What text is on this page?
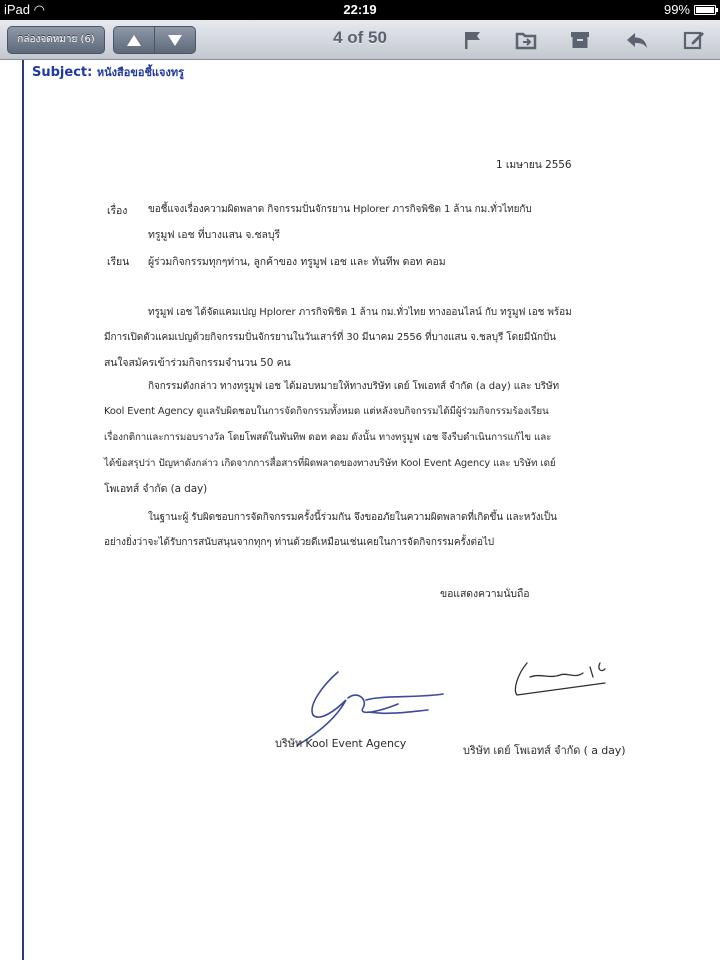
iPad ◠	22:19	99%
กล่องจดหมาย (6)	4 of 50
Subject: หนังสือขอชี้แจงทรู
1 เมษายน 2556
เรื่อง ขอชี้แจงเรื่องความผิดพลาด กิจกรรมปั่นจักรยาน Hplorer ภารกิจพิชิต 1 ล้าน กม.ทั่วไทยกับ
ทรูมูฟ เอช ที่บางแสน จ.ชลบุรี
เรียน ผู้ร่วมกิจกรรมทุกๆท่าน, ลูกค้าของ ทรูมูฟ เอช และ ทันทีพ ดอท คอม
ทรูมูฟ เอช ได้จัดแคมเปญ Hplorer ภารกิจพิชิต 1 ล้าน กม.ทั่วไทย ทางออนไลน์ กับ ทรูมูฟ เอช พร้อม
มีการเปิดตัวแคมเปญด้วยกิจกรรมปั่นจักรยานในวันเสาร์ที่ 30 มีนาคม 2556 ที่บางแสน จ.ชลบุรี โดยมีนักปั่น
สนใจสมัครเข้าร่วมกิจกรรมจำนวน 50 คน
กิจกรรมดังกล่าว ทางทรูมูฟ เอช ได้มอบหมายให้ทางบริษัท เดย์ โพเอทส์ จำกัด (a day) และ บริษัท
Kool Event Agency ดูแลรับผิดชอบในการจัดกิจกรรมทั้งหมด แต่หลังจบกิจกรรมได้มีผู้ร่วมกิจกรรมร้องเรียน
เรื่องกติกาและการมอบรางวัล โดยโพสต์ในพันทิพ ดอท คอม ดังนั้น ทางทรูมูฟ เอช จึงรีบดำเนินการแก้ไข และ
ได้ข้อสรุปว่า ปัญหาดังกล่าว เกิดจากการสื่อสารที่ผิดพลาดของทางบริษัท Kool Event Agency และ บริษัท เดย์
โพเอทส์ จำกัด (a day)
ในฐานะผู้ รับผิดชอบการจัดกิจกรรมครั้งนี้ร่วมกัน จึงขออภัยในความผิดพลาดที่เกิดขึ้น และหวังเป็น
อย่างยิ่งว่าจะได้รับการสนับสนุนจากทุกๆ ท่านด้วยดีเหมือนเช่นเคยในการจัดกิจกรรมครั้งต่อไป
ขอแสดงความนับถือ
บริษัท Kool Event Agency
บริษัท เดย์ โพเอทส์ จำกัด ( a day)
